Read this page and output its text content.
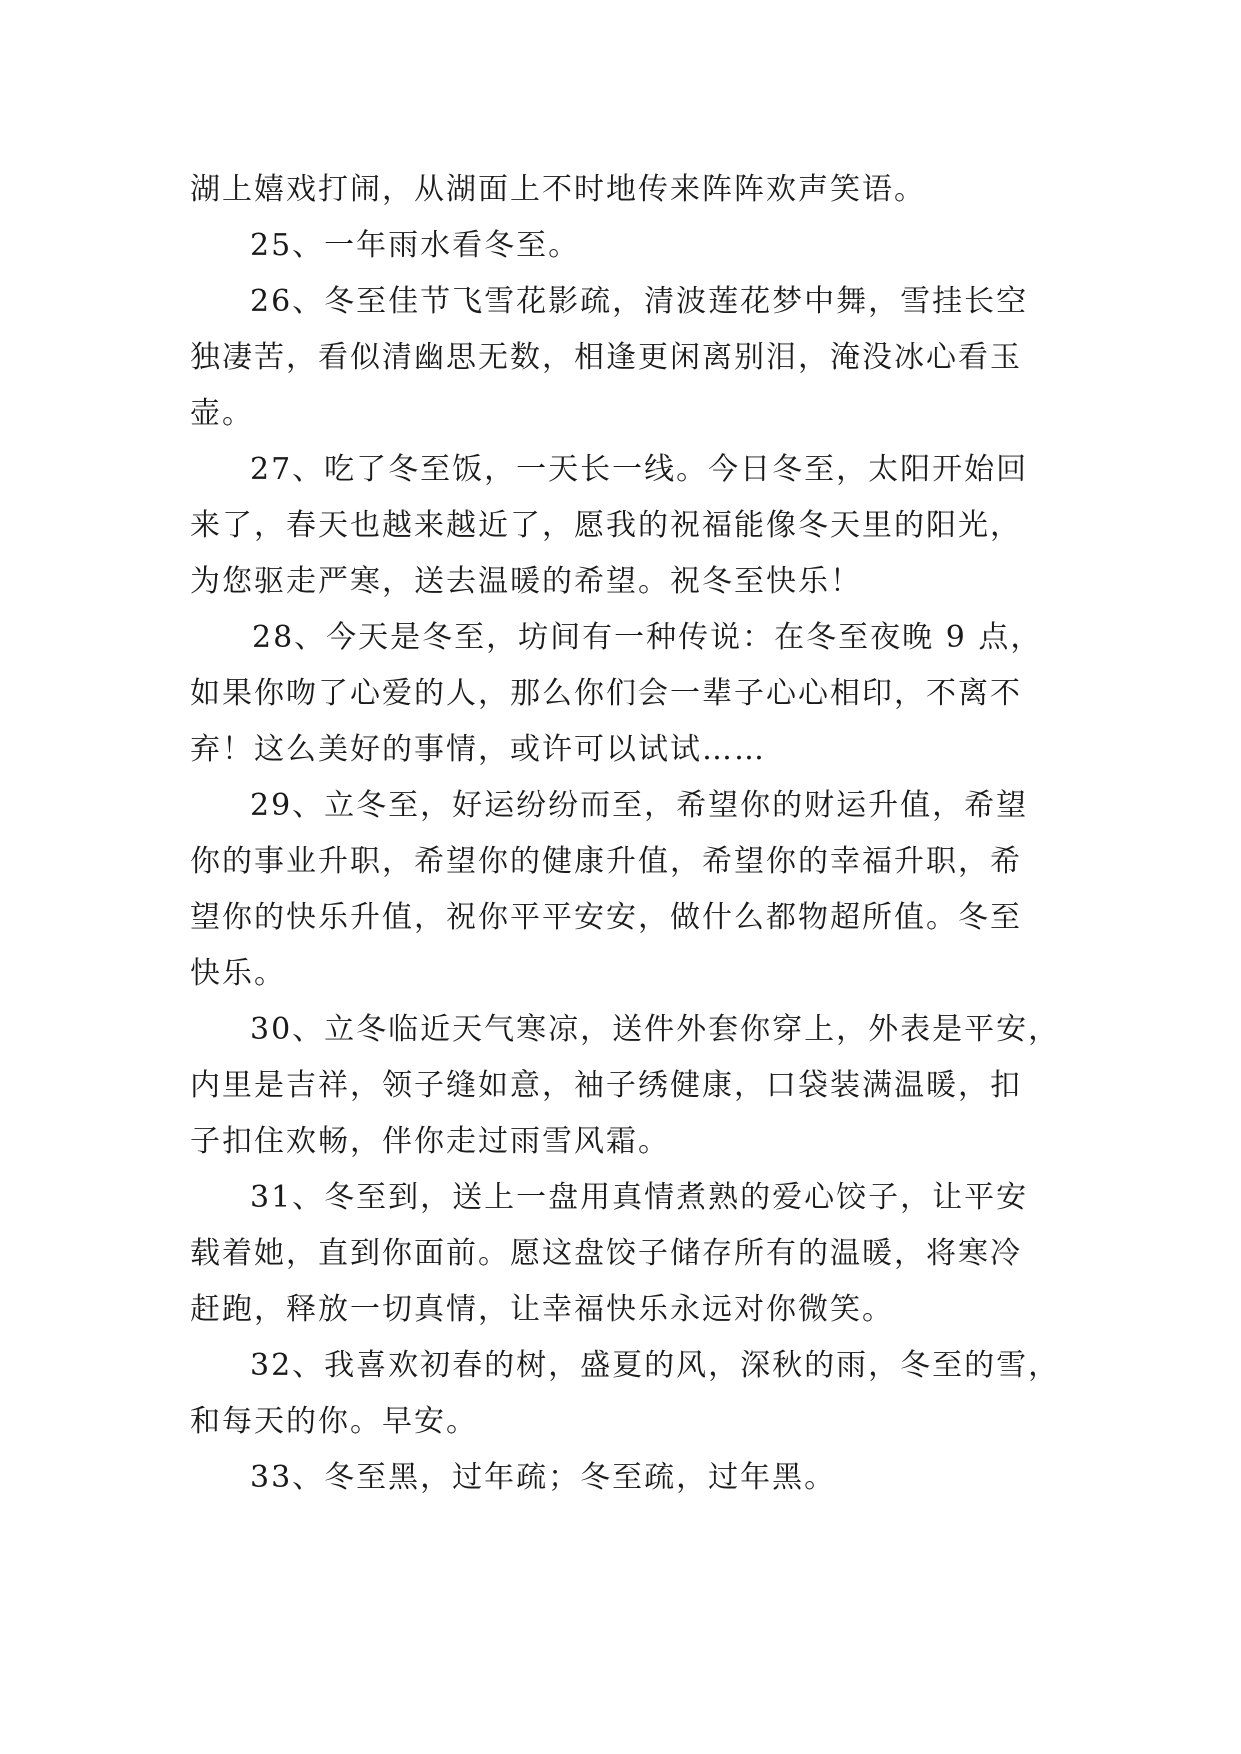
湖上嬉戏打闹，从湖面上不时地传来阵阵欢声笑语。
25、一年雨水看冬至。
26、冬至佳节飞雪花影疏，清波莲花梦中舞，雪挂长空
独凄苦，看似清幽思无数，相逢更闲离别泪，淹没冰心看玉
壶。
27、吃了冬至饭，一天长一线。今日冬至，太阳开始回
来了，春天也越来越近了，愿我的祝福能像冬天里的阳光，
为您驱走严寒，送去温暖的希望。祝冬至快乐！
28、今天是冬至，坊间有一种传说：在冬至夜晚 9 点，
如果你吻了心爱的人，那么你们会一辈子心心相印，不离不
弃！这么美好的事情，或许可以试试……
29、立冬至，好运纷纷而至，希望你的财运升值，希望
你的事业升职，希望你的健康升值，希望你的幸福升职，希
望你的快乐升值，祝你平平安安，做什么都物超所值。冬至
快乐。
30、立冬临近天气寒凉，送件外套你穿上，外表是平安，
内里是吉祥，领子缝如意，袖子绣健康，口袋装满温暖，扣
子扣住欢畅，伴你走过雨雪风霜。
31、冬至到，送上一盘用真情煮熟的爱心饺子，让平安
载着她，直到你面前。愿这盘饺子储存所有的温暖，将寒冷
赶跑，释放一切真情，让幸福快乐永远对你微笑。
32、我喜欢初春的树，盛夏的风，深秋的雨，冬至的雪，
和每天的你。早安。
33、冬至黑，过年疏；冬至疏，过年黑。
